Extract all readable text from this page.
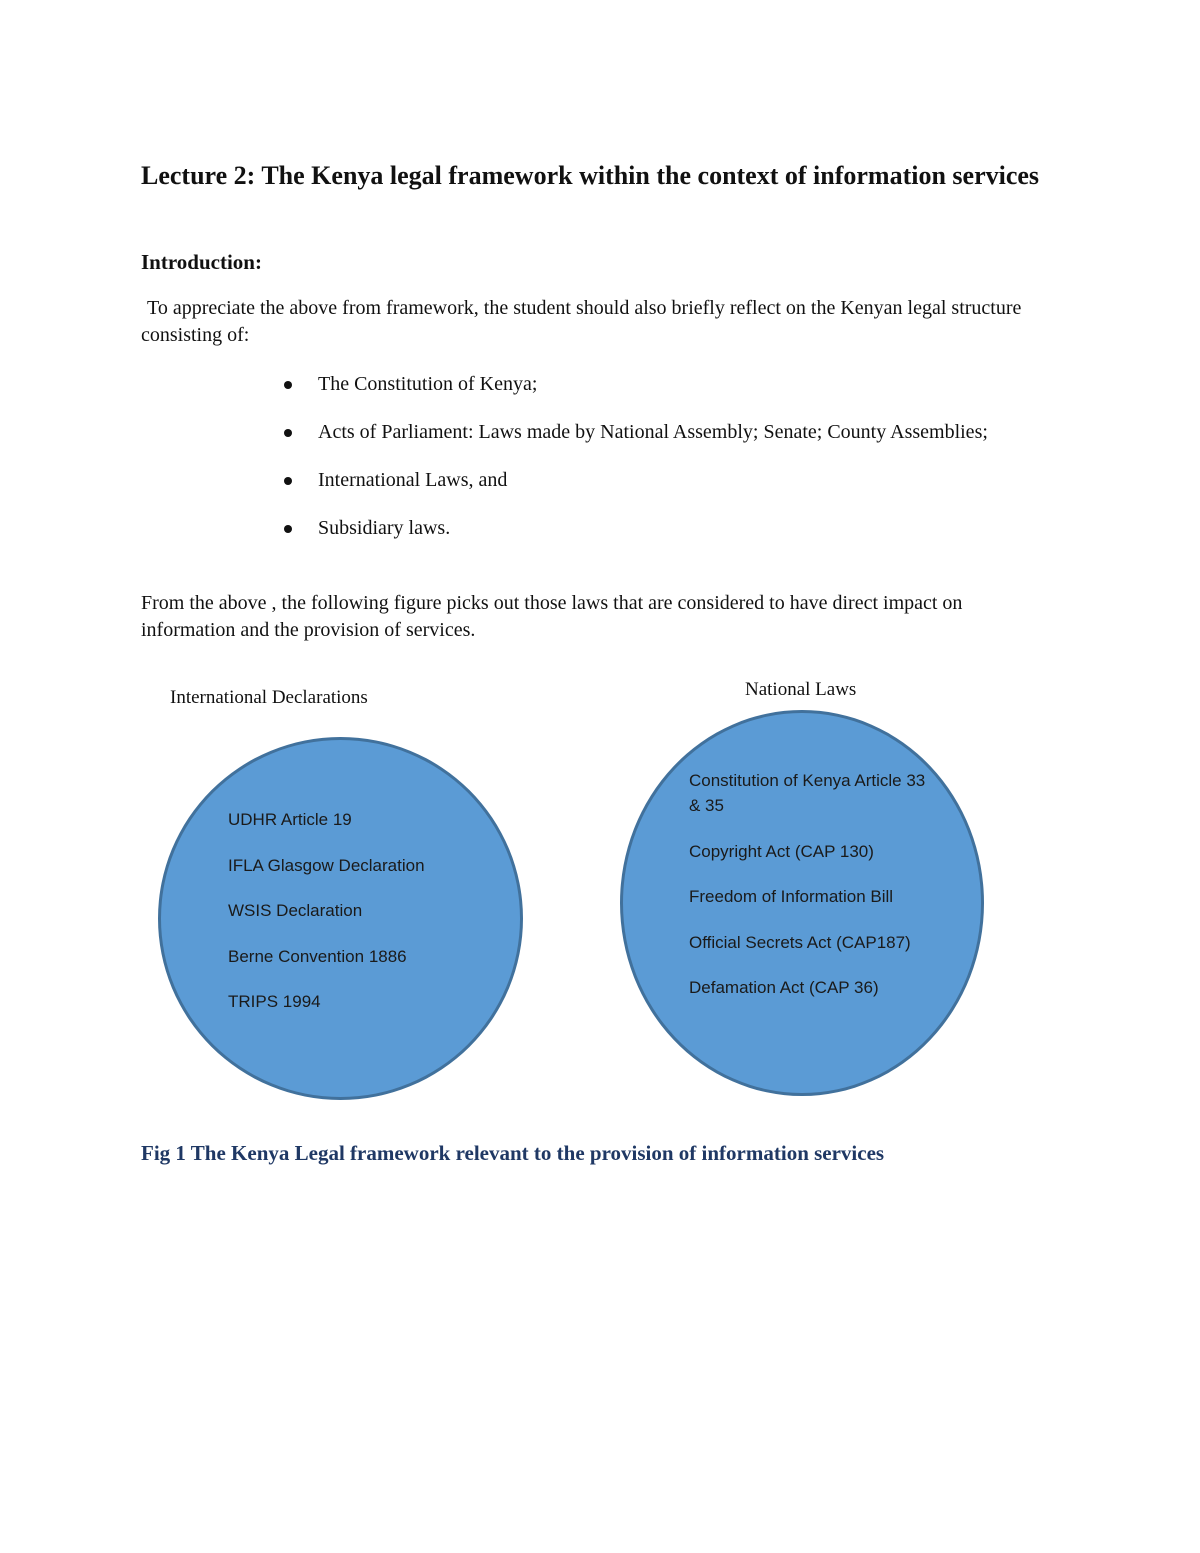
Lecture 2: The Kenya legal framework within the context of information services
Introduction:

To appreciate the above from framework, the student should also briefly reflect on the Kenyan legal structure consisting of:

The Constitution of Kenya;
Acts of Parliament: Laws made by National Assembly; Senate; County Assemblies;
International Laws, and
Subsidiary laws.

From the above , the following figure picks out those laws that are considered to have direct impact on information and the provision of services.

International Declarations	National Laws

UDHR Article 19
IFLA Glasgow Declaration
WSIS Declaration
Berne Convention 1886
TRIPS 1994
Constitution of Kenya Article 33 & 35
Copyright Act (CAP 130)
Freedom of Information Bill
Official Secrets Act (CAP187)
Defamation Act (CAP 36)

Fig 1 The Kenya Legal framework relevant to the provision of information services
